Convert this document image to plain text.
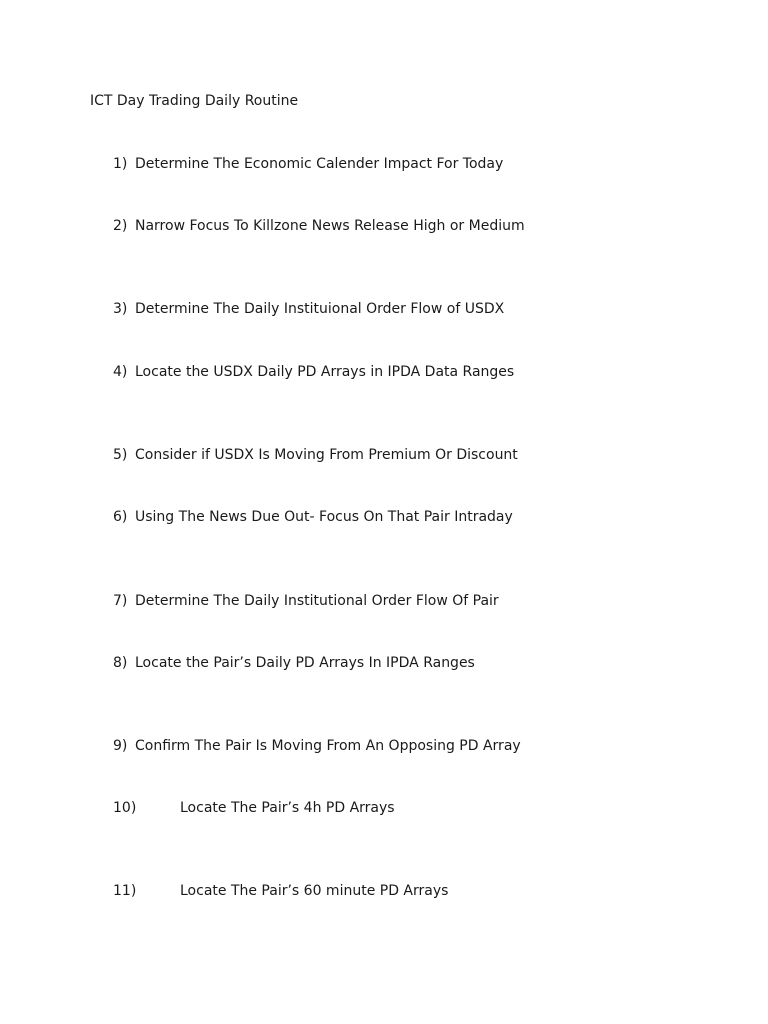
ICT Day Trading Daily Routine
1) Determine The Economic Calender Impact For Today
2) Narrow Focus To Killzone News Release High or Medium
3) Determine The Daily Instituional Order Flow of USDX
4) Locate the USDX Daily PD Arrays in IPDA Data Ranges
5) Consider if USDX Is Moving From Premium Or Discount
6) Using The News Due Out- Focus On That Pair Intraday
7) Determine The Daily Institutional Order Flow Of Pair
8) Locate the Pair’s Daily PD Arrays In IPDA Ranges
9) Confirm The Pair Is Moving From An Opposing PD Array
10)	Locate The Pair’s 4h PD Arrays
11)	Locate The Pair’s 60 minute PD Arrays
